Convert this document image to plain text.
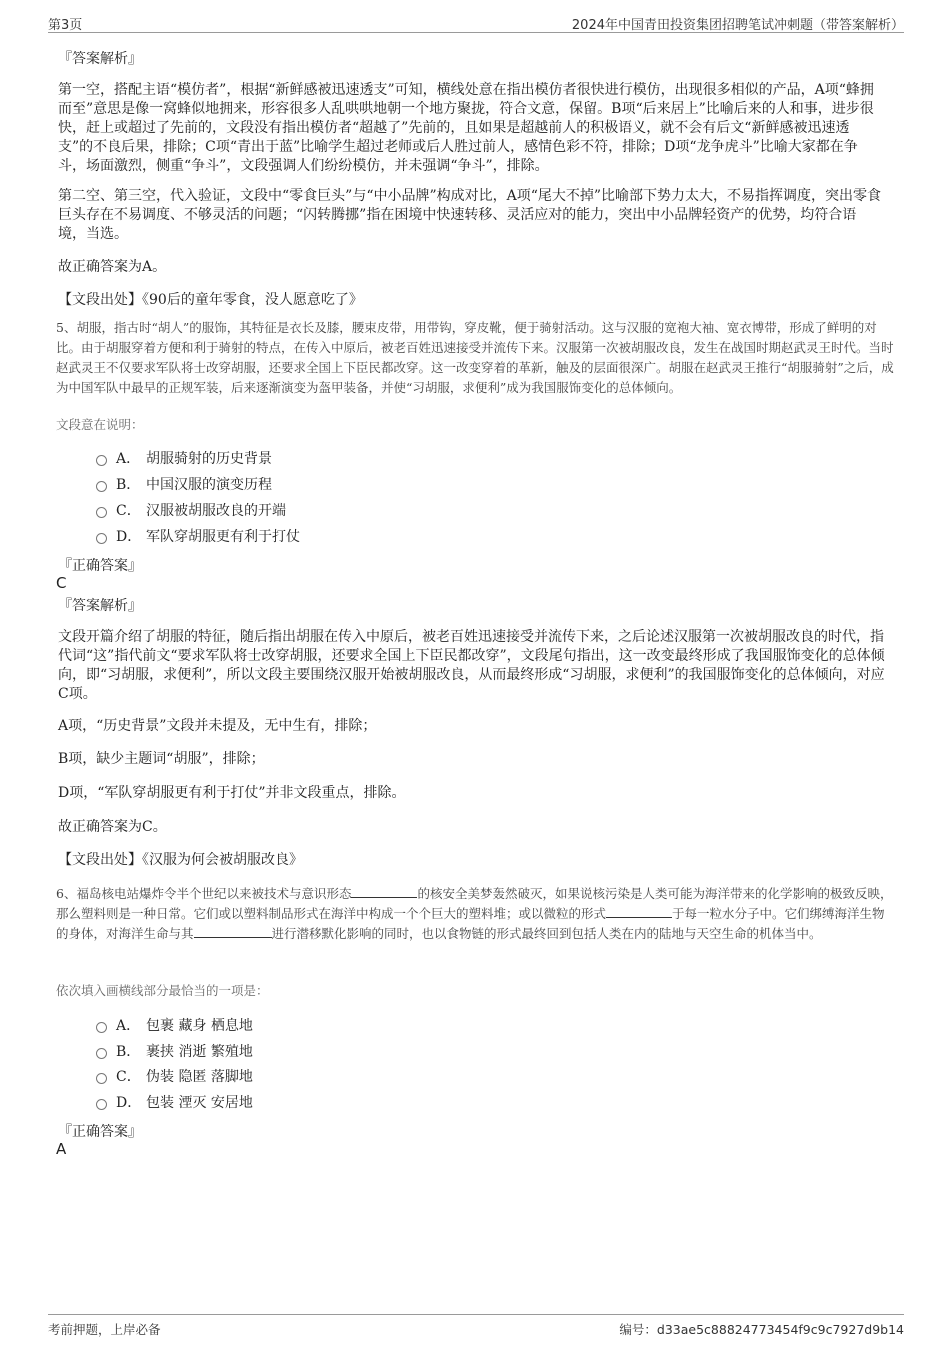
第3页	2024年中国青田投资集团招聘笔试冲刺题（带答案解析）
『答案解析』
第一空，搭配主语“模仿者”，根据“新鲜感被迅速透支”可知，横线处意在指出模仿者很快进行模仿，出现很多相似的产品，A项“蜂拥而至”意思是像一窝蜂似地拥来，形容很多人乱哄哄地朝一个地方聚拢，符合文意，保留。B项“后来居上”比喻后来的人和事，进步很快，赶上或超过了先前的，文段没有指出模仿者“超越了”先前的，且如果是超越前人的积极语义，就不会有后文“新鲜感被迅速透支”的不良后果，排除；C项“青出于蓝”比喻学生超过老师或后人胜过前人，感情色彩不符，排除；D项“龙争虎斗”比喻大家都在争斗，场面激烈，侧重“争斗”，文段强调人们纷纷模仿，并未强调“争斗”，排除。
第二空、第三空，代入验证，文段中“零食巨头”与“中小品牌”构成对比，A项“尾大不掉”比喻部下势力太大，不易指挥调度，突出零食巨头存在不易调度、不够灵活的问题；“闪转腾挪”指在困境中快速转移、灵活应对的能力，突出中小品牌轻资产的优势，均符合语境，当选。
故正确答案为A。
【文段出处】《90后的童年零食，没人愿意吃了》
5、胡服，指古时“胡人”的服饰，其特征是衣长及膝，腰束皮带，用带钩，穿皮靴，便于骑射活动。这与汉服的宽袍大袖、宽衣博带，形成了鲜明的对比。由于胡服穿着方便和利于骑射的特点，在传入中原后，被老百姓迅速接受并流传下来。汉服第一次被胡服改良，发生在战国时期赵武灵王时代。当时赵武灵王不仅要求军队将士改穿胡服，还要求全国上下臣民都改穿。这一改变穿着的革新，触及的层面很深广。胡服在赵武灵王推行“胡服骑射”之后，成为中国军队中最早的正规军装，后来逐渐演变为盔甲装备，并使“习胡服，求便利”成为我国服饰变化的总体倾向。
文段意在说明：
A． 胡服骑射的历史背景
B． 中国汉服的演变历程
C． 汉服被胡服改良的开端
D． 军队穿胡服更有利于打仗
『正确答案』
C
『答案解析』
文段开篇介绍了胡服的特征，随后指出胡服在传入中原后，被老百姓迅速接受并流传下来，之后论述汉服第一次被胡服改良的时代，指代词“这”指代前文“要求军队将士改穿胡服，还要求全国上下臣民都改穿”，文段尾句指出，这一改变最终形成了我国服饰变化的总体倾向，即“习胡服，求便利”，所以文段主要围绕汉服开始被胡服改良，从而最终形成“习胡服，求便利”的我国服饰变化的总体倾向，对应C项。
A项，“历史背景”文段并未提及，无中生有，排除；
B项，缺少主题词“胡服”，排除；
D项，“军队穿胡服更有利于打仗”并非文段重点，排除。
故正确答案为C。
【文段出处】《汉服为何会被胡服改良》
6、福岛核电站爆炸令半个世纪以来被技术与意识形态	的核安全美梦轰然破灭，如果说核污染是人类可能为海洋带来的化学影响的极致反映，那么塑料则是一种日常。它们或以塑料制品形式在海洋中构成一个个巨大的塑料堆；或以微粒的形式	于每一粒水分子中。它们绑缚海洋生物的身体，对海洋生命与其	进行潜移默化影响的同时，也以食物链的形式最终回到包括人类在内的陆地与天空生命的机体当中。
依次填入画横线部分最恰当的一项是：
A． 包裹 藏身 栖息地
B． 裹挟 消逝 繁殖地
C． 伪装 隐匿 落脚地
D． 包装 湮灭 安居地
『正确答案』
A
考前押题，上岸必备	编号：d33ae5c88824773454f9c9c7927d9b14
